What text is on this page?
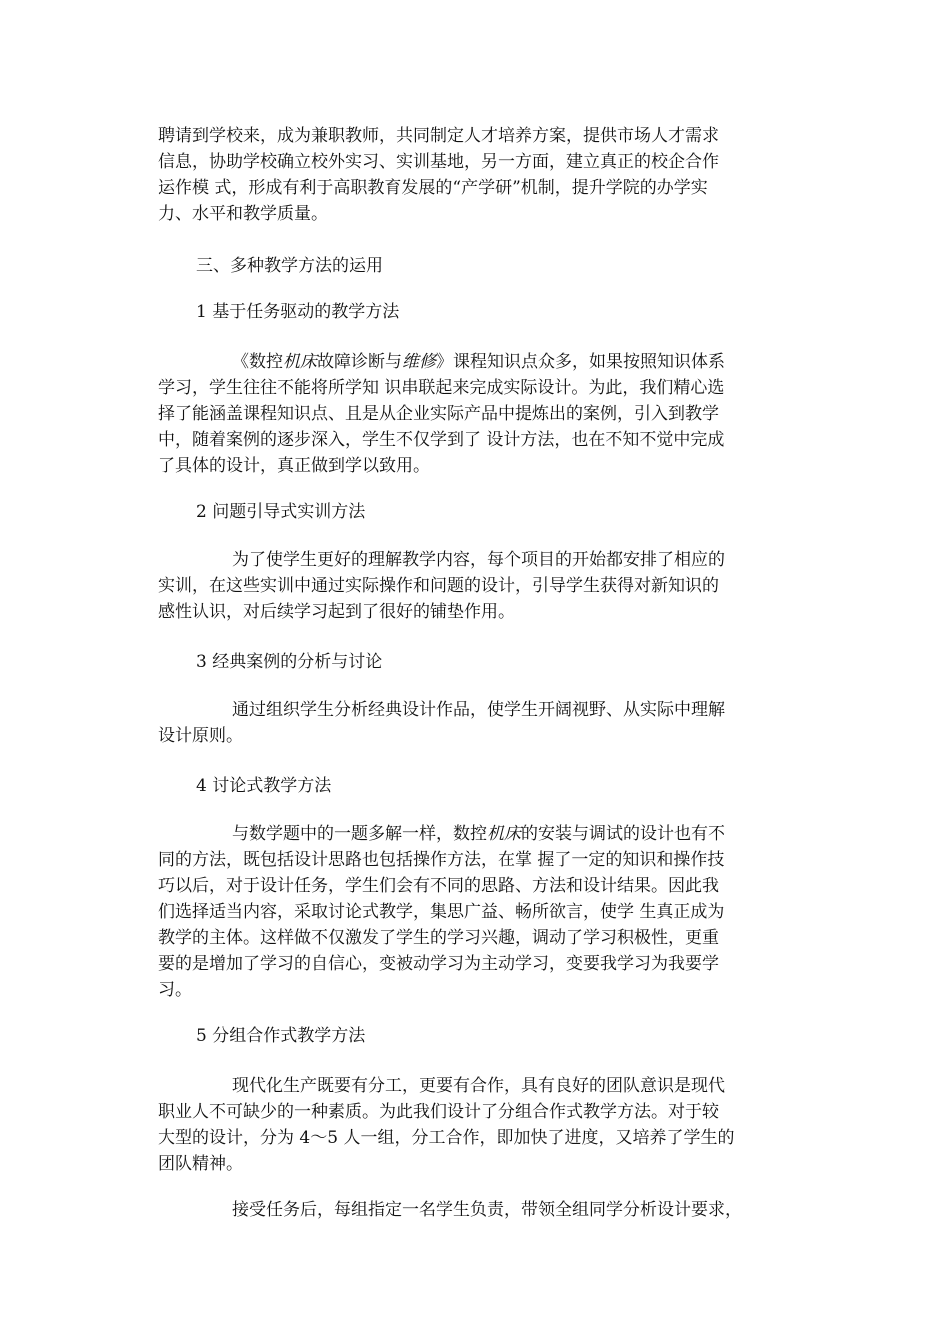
聘请到学校来，成为兼职教师，共同制定人才培养方案，提供市场人才需求
信息，协助学校确立校外实习、实训基地，另一方面，建立真正的校企合作
运作模 式，形成有利于高职教育发展的“产学研”机制，提升学院的办学实
力、水平和教学质量。
三、多种教学方法的运用
1 基于任务驱动的教学方法
《数控机床故障诊断与维修》课程知识点众多，如果按照知识体系
学习，学生往往不能将所学知 识串联起来完成实际设计。为此，我们精心选
择了能涵盖课程知识点、且是从企业实际产品中提炼出的案例，引入到教学
中，随着案例的逐步深入，学生不仅学到了 设计方法，也在不知不觉中完成
了具体的设计，真正做到学以致用。
2 问题引导式实训方法
为了使学生更好的理解教学内容，每个项目的开始都安排了相应的
实训，在这些实训中通过实际操作和问题的设计，引导学生获得对新知识的
感性认识，对后续学习起到了很好的铺垫作用。
3 经典案例的分析与讨论
通过组织学生分析经典设计作品，使学生开阔视野、从实际中理解
设计原则。
4 讨论式教学方法
与数学题中的一题多解一样，数控机床的安装与调试的设计也有不
同的方法，既包括设计思路也包括操作方法，在掌 握了一定的知识和操作技
巧以后，对于设计任务，学生们会有不同的思路、方法和设计结果。因此我
们选择适当内容，采取讨论式教学，集思广益、畅所欲言，使学 生真正成为
教学的主体。这样做不仅激发了学生的学习兴趣，调动了学习积极性，更重
要的是增加了学习的自信心，变被动学习为主动学习，变要我学习为我要学
习。
5 分组合作式教学方法
现代化生产既要有分工，更要有合作，具有良好的团队意识是现代
职业人不可缺少的一种素质。为此我们设计了分组合作式教学方法。对于较
大型的设计，分为 4～5 人一组，分工合作，即加快了进度，又培养了学生的
团队精神。
接受任务后，每组指定一名学生负责，带领全组同学分析设计要求，
